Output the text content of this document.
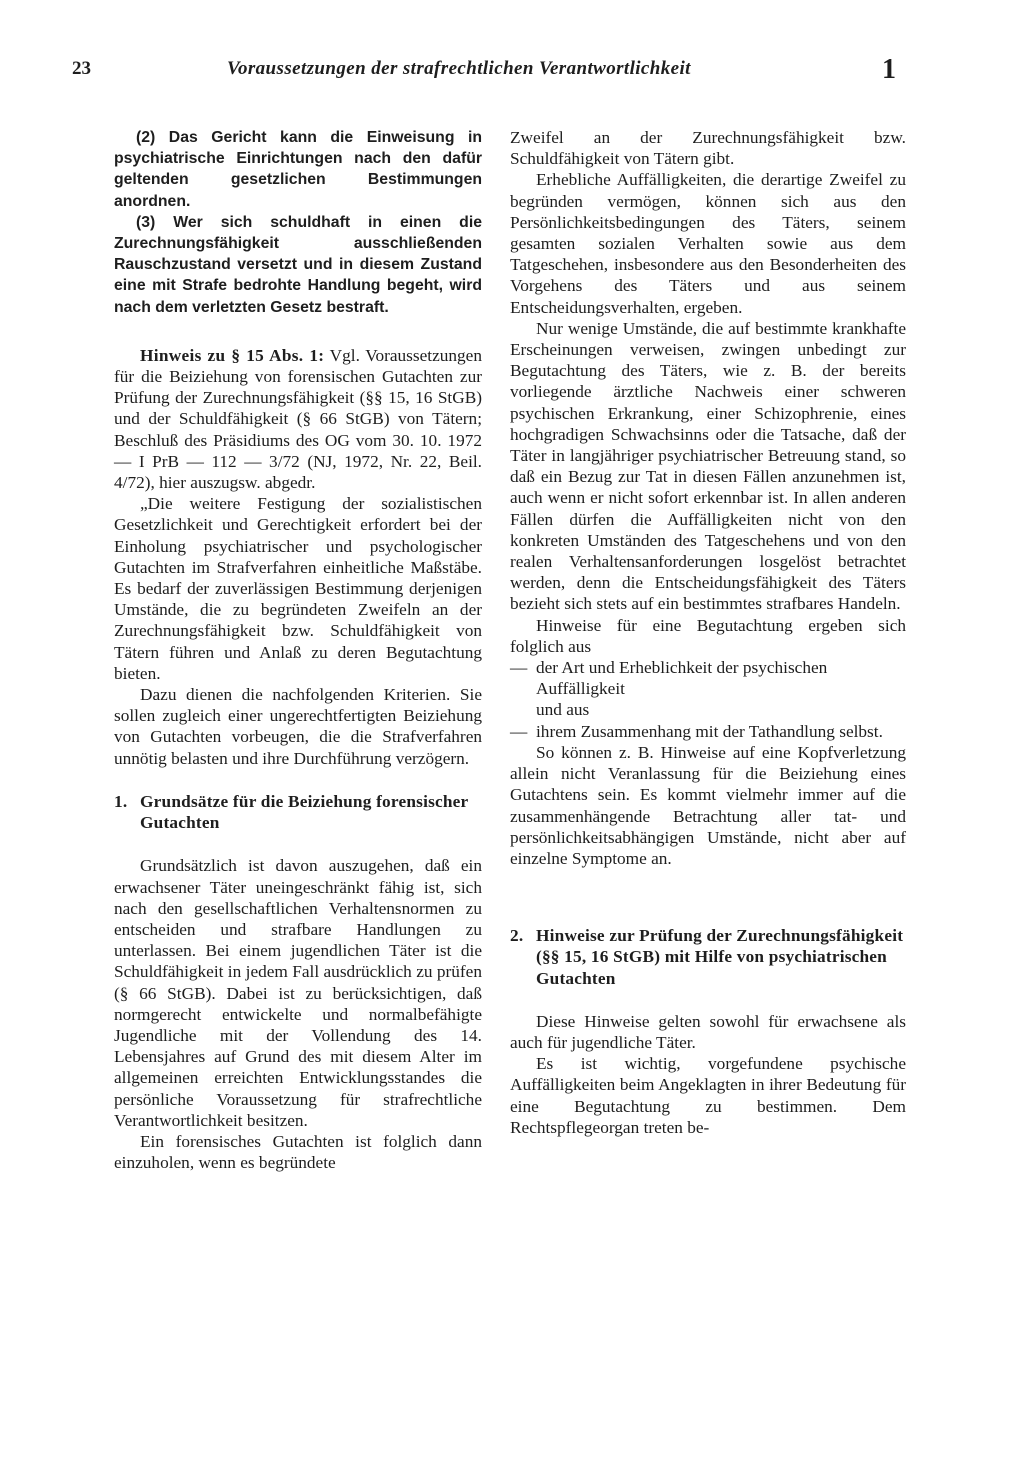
23	Voraussetzungen der strafrechtlichen Verantwortlichkeit	1

(2) Das Gericht kann die Einweisung in psychiatrische Einrichtungen nach den dafür geltenden gesetzlichen Bestimmungen anordnen.

(3) Wer sich schuldhaft in einen die Zurechnungsfähigkeit ausschließenden Rauschzustand versetzt und in diesem Zustand eine mit Strafe bedrohte Handlung begeht, wird nach dem verletzten Gesetz bestraft.

Hinweis zu § 15 Abs. 1: Vgl. Voraussetzungen für die Beiziehung von forensischen Gutachten zur Prüfung der Zurechnungsfähigkeit (§§ 15, 16 StGB) und der Schuldfähigkeit (§ 66 StGB) von Tätern; Beschluß des Präsidiums des OG vom 30. 10. 1972 — I PrB — 112 — 3/72 (NJ, 1972, Nr. 22, Beil. 4/72), hier auszugsw. abgedr.

„Die weitere Festigung der sozialistischen Gesetzlichkeit und Gerechtigkeit erfordert bei der Einholung psychiatrischer und psychologischer Gutachten im Strafverfahren einheitliche Maßstäbe. Es bedarf der zuverlässigen Bestimmung derjenigen Umstände, die zu begründeten Zweifeln an der Zurechnungsfähigkeit bzw. Schuldfähigkeit von Tätern führen und Anlaß zu deren Begutachtung bieten.

Dazu dienen die nachfolgenden Kriterien. Sie sollen zugleich einer ungerechtfertigten Beiziehung von Gutachten vorbeugen, die die Strafverfahren unnötig belasten und ihre Durchführung verzögern.

1. Grundsätze für die Beiziehung forensischer Gutachten

Grundsätzlich ist davon auszugehen, daß ein erwachsener Täter uneingeschränkt fähig ist, sich nach den gesellschaftlichen Verhaltensnormen zu entscheiden und strafbare Handlungen zu unterlassen. Bei einem jugendlichen Täter ist die Schuldfähigkeit in jedem Fall ausdrücklich zu prüfen (§ 66 StGB). Dabei ist zu berücksichtigen, daß normgerecht entwickelte und normalbefähigte Jugendliche mit der Vollendung des 14. Lebensjahres auf Grund des mit diesem Alter im allgemeinen erreichten Entwicklungsstandes die persönliche Voraussetzung für strafrechtliche Verantwortlichkeit besitzen.

Ein forensisches Gutachten ist folglich dann einzuholen, wenn es begründete

Zweifel an der Zurechnungsfähigkeit bzw. Schuldfähigkeit von Tätern gibt.

Erhebliche Auffälligkeiten, die derartige Zweifel zu begründen vermögen, können sich aus den Persönlichkeitsbedingungen des Täters, seinem gesamten sozialen Verhalten sowie aus dem Tatgeschehen, insbesondere aus den Besonderheiten des Vorgehens des Täters und aus seinem Entscheidungsverhalten, ergeben.

Nur wenige Umstände, die auf bestimmte krankhafte Erscheinungen verweisen, zwingen unbedingt zur Begutachtung des Täters, wie z. B. der bereits vorliegende ärztliche Nachweis einer schweren psychischen Erkrankung, einer Schizophrenie, eines hochgradigen Schwachsinns oder die Tatsache, daß der Täter in langjähriger psychiatrischer Betreuung stand, so daß ein Bezug zur Tat in diesen Fällen anzunehmen ist, auch wenn er nicht sofort erkennbar ist. In allen anderen Fällen dürfen die Auffälligkeiten nicht von den konkreten Umständen des Tatgeschehens und von den realen Verhaltensanforderungen losgelöst betrachtet werden, denn die Entscheidungsfähigkeit des Täters bezieht sich stets auf ein bestimmtes strafbares Handeln.

Hinweise für eine Begutachtung ergeben sich folglich aus

— der Art und Erheblichkeit der psychischen Auffälligkeit
und aus
— ihrem Zusammenhang mit der Tathandlung selbst.

So können z. B. Hinweise auf eine Kopfverletzung allein nicht Veranlassung für die Beiziehung eines Gutachtens sein. Es kommt vielmehr immer auf die zusammenhängende Betrachtung aller tat- und persönlichkeitsabhängigen Umstände, nicht aber auf einzelne Symptome an.

2. Hinweise zur Prüfung der Zurechnungsfähigkeit (§§ 15, 16 StGB) mit Hilfe von psychiatrischen Gutachten

Diese Hinweise gelten sowohl für erwachsene als auch für jugendliche Täter.

Es ist wichtig, vorgefundene psychische Auffälligkeiten beim Angeklagten in ihrer Bedeutung für eine Begutachtung zu bestimmen. Dem Rechtspflegeorgan treten be-
